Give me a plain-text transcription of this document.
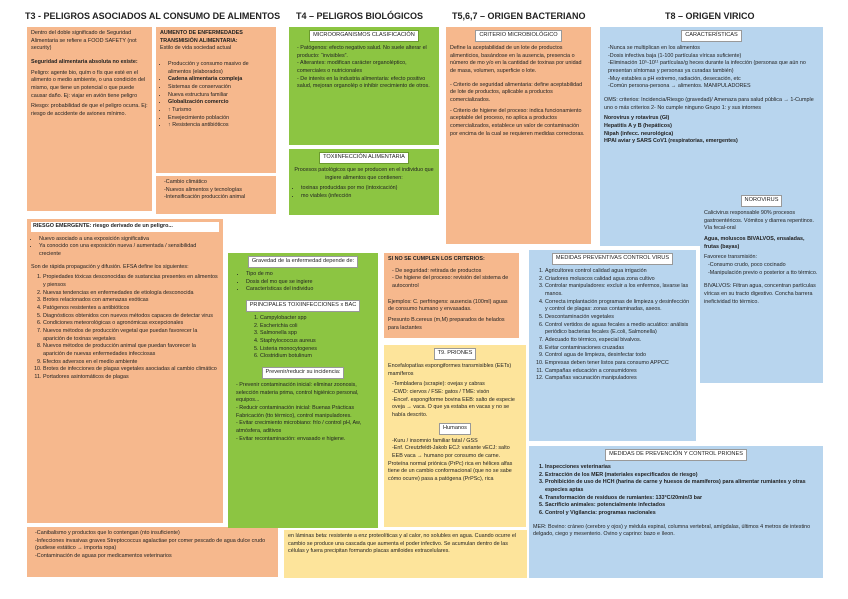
T3 - PELIGROS ASOCIADOS AL CONSUMO DE ALIMENTOS T4 – PELIGROS BIOLÓGICOS	T5,6,7 – ORIGEN BACTERIANO	T8 – ORIGEN VIRICO

Dentro del doble significado de Seguridad Alimentaria se refiere a FOOD SAFETY (not security)

Seguridad alimentaria absoluta no existe:

Peligro: agente bio, quím o fís que esté en el alimento o medio ambiente, o una condición del mismo, que tiene un potencial o que puede causar daño. Ej: viajar en avión tiene peligro

Riesgo: probabilidad de que el peligro ocurra. Ej: riesgo de accidente de aviones mínimo.

AUMENTO DE ENFERMEDADES TRANSMISIÓN ALIMENTARIA:
Estilo de vida sociedad actual
• Producción y consumo masivo de alimentos (elaborados)
• Cadena alimentaria compleja
• Sistemas de conservación
• Nueva estructura familiar
• Globalización comercio
• ↑ Turismo
• Envejecimiento población
• ↑ Resistencia antibióticos
-Cambio climático
-Nuevos alimentos y tecnologías
-Intensificación producción animal
RIESGO EMERGENTE: riesgo derivado de un peligro...
• Nuevo asociado a una exposición significativa
• Ya conocido con una exposición nueva / aumentada / sensibilidad creciente

Son de rápida propagación y difusión. EFSA define los siguientes:

1. Propiedades tóxicas desconocidas de sustancias presentes en alimentos y piensos
2. Nuevas tendencias en enfermedades de etiología desconocida
3. Brotes relacionados con amenazas exóticas
4. Patógenos resistentes a antibióticos
5. Diagnósticos obtenidos con nuevos métodos capaces de detectar virus
6. Condiciones meteorológicas o agronómicas excepcionales
7. Nuevos métodos de producción vegetal que puedan favorecer la aparición de toxinas vegetales
8. Nuevos métodos de producción animal que puedan favorecer la aparición de nuevas enfermedades infecciosas
9. Efectos adversos en el medio ambiente
10. Brotes de infecciones de plagas vegetales asociadas al cambio climático
11. Portadores asintomáticos de plagas
-Canibalismo y productos que lo contengan (nto insuficiente)
-Infecciones invasivas graves Streptococcus agalactiae por comer pescado de agua dulce crudo (pudiese estático → importa ropa)
-Contaminación de aguas por medicamentos veterinarios
MICROORGANISMOS CLASIFICACIÓN
- Patógenos: efecto negativo salud. No suele alterar el producto: “invisibles”.
- Alterantes: modifican carácter organoléptico, comerciales o nutricionales
- De interés en la industria alimentaria: efecto positivo salud, mejoran organolép o inhibir crecimiento de otros.
TOXIINFECCIÓN ALIMENTARIA

Procesos patológicos que se producen en el individuo que ingiere alimentos que contienen:

• toxinas producidas por mo (intoxicación)
• mo viables (infección
Gravedad de la enfermedad depende de:
• Tipo de mo
• Dosis del mo que se ingiere
• Características del individuo
PRINCIPALES TOXIINFECCIONES x BAC
1. Campylobacter spp
2. Escherichia coli
3. Salmonella spp
4. Staphylococcus aureus
5. Listeria monocytogenes
6. Clostridium botulinum
Prevenir/reducir su incidencia:
- Prevenir contaminación inicial: eliminar zoonosis, selección materia prima, control higiénico personal, equipos...
- Reducir contaminación inicial: Buenas Prácticas Fabricación (tto térmico), control manipuladores.
- Evitar crecimiento microbiano: frío / control pH, Aw, atmósfera, aditivos
- Evitar recontaminación: envasado e higiene.
CRITERIO MICROBIOLÓGICO

Define la aceptabilidad de un lote de productos alimenticios, basándose en la ausencia, presencia o número de mo y/o en la cantidad de toxinas por unidad de masa, volumen, superficie o lote.

- Criterio de seguridad alimentaria: define aceptabilidad de lote de productos, aplicable a productos comercializados.

- Criterio de higiene del proceso: indica funcionamiento aceptable del proceso, no aplica a productos comercializados, establece un valor de contaminación por encima de la cual se requieren medidas correctoras.

SI NO SE CUMPLEN LOS CRITERIOS:
- De seguridad: retirada de productos
- De higiene del proceso: revisión del sistema de autocontrol

Ejemplos: C. perfringens: ausencia (100ml) aguas de consumo humano y envasadas.

Presunto B.cereus (m,M) preparados de helados para lactantes

T9. PRIONES

Encefalopatías espongiformes transmisibles (EETs) mamíferos

-Tembladera (scrapie): ovejas y cabras
-CWD: ciervos / FSE: gatos / TME: visón
-Encef. espongiforme bovina EEB: salto de especie oveja → vaca. O que ya estaba en vacas y no se había descrito.
Humanos
-Kuru / insomnio familiar fatal / GSS
-Enf. Creutzfeldt-Jakob ECJ: variante vECJ: salto EEB vaca → humano por consumo de carne.

Proteína normal priónica (PrPc) rica en hélices alfas tiene de un cambio conformacional (que no se sabe cómo ocurre) pasa a patógena (PrPSc), rica

en láminas beta: resistente a enz proteolíticas y al calor, no solubles en agua. Cuando ocurre el cambio se produce una cascada que aumenta el poder infectivo. Se acumulan dentro de las células y fuera precipitan formando placas amiloides extracelulares.

CARACTERÍSTICAS
-Nunca se multiplican en los alimentos
-Dosis infectiva baja (1-100 partículas víricas suficiente)
-Eliminación 10⁵-10¹¹ partículas/g heces durante la infección (personas que aún no presentan síntomas y personas ya curadas también)
-Muy estables a pH extremo, radiación, desecación, etc
-Común persona-persona → alimentos. MANIPULADORES

OMS: criterios: Incidencia/Riesgo (gravedad)/ Amenaza para salud pública → 1-Cumple uno o más criterios 2- No cumple ninguno Grupo 1: y sus intornes

Norovirus y rotavirus (GI)
Hepatitis A y B (hepáticos)
Nipah (infecc. neurológica)
HPAI aviar y SARS CoV1 (respiratorias, emergentes)
NOROVIRUS

Calicivirus responsable 90% procesos gastroentéricos. Vómitos y diarrea repentinos. Vía fecal-oral

Agua, moluscos BIVALVOS, ensaladas, frutas (bayas)

Favorece transmisión:

-Consumo crudo, poco cocinado
-Manipulación previo o posterior a tto térmico.

BIVALVOS: Filtran agua, concentran partículas víricas en su tracto digestivo. Concha barrera ineficividad tto térmico.

MEDIDAS PREVENTIVAS CONTROL VIRUS
1. Agricultores control calidad agua irrigación
2. Criadores moluscos calidad agua zona cultivo
3. Controlar manipuladores: excluir a los enfermos, lavarse las manos.
4. Correcta implantación programas de limpieza y desinfección y control de plagas: zonas contaminadas, aseos.
5. Descontaminación vegetales
6. Control vertidos de aguas fecales a medio acuático: análisis periódico bacterias fecales (E.coli, Salmonella)
7. Adecuado tto térmico, especial bivalvos.
8. Evitar contaminaciones cruzadas
9. Control agua de limpieza, desinfectar todo
10. Empresas deben tener listos para consumo APPCC
11. Campañas educación a consumidores
12. Campañas vacunación manipuladores
MEDIDAS DE PREVENCIÓN Y CONTROL PRIONES
1. Inspecciones veterinarias
2. Extracción de los MER (materiales especificados de riesgo)
3. Prohibición de uso de HCH (harina de carne y huesos de mamíferos) para alimentar rumiantes y otras especies aptas
4. Transformación de residuos de rumiantes: 133°C/20min/3 bar
5. Sacrificio animales: potencialmente infectados
6. Control y Vigilancia: programas nacionales

MER: Bovino: cráneo (cerebro y ojos) y médula espinal, columna vertebral, amígdalas, últimos 4 metros de intestino delgado, ciego y mesenterio. Ovino y caprino: bazo e íleon.
